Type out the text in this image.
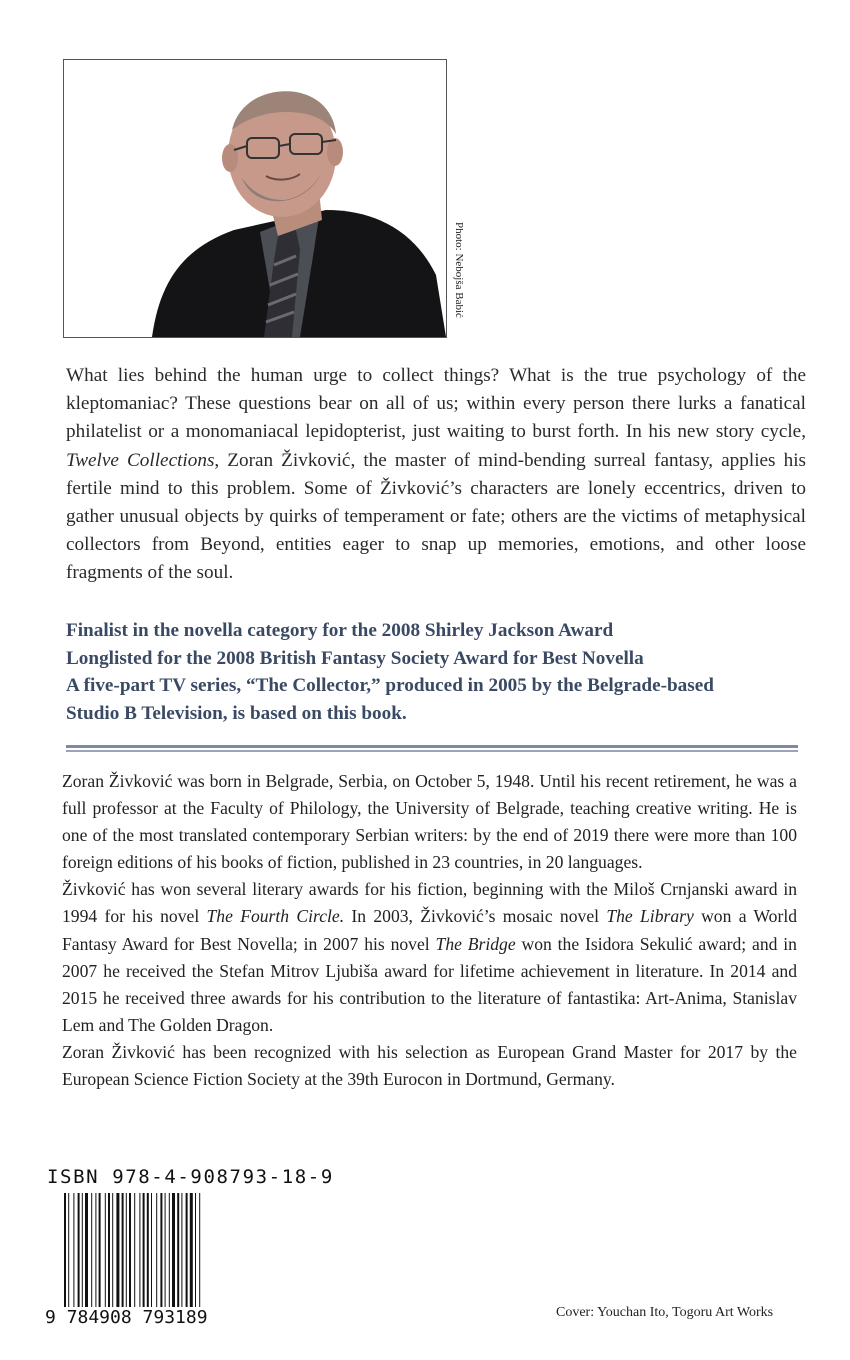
Photo: Nebojša Babić

What lies behind the human urge to collect things? What is the true psychology of the kleptomaniac? These questions bear on all of us; within every person there lurks a fanatical philatelist or a monomaniacal lepidopterist, just waiting to burst forth. In his new story cycle, Twelve Collections, Zoran Živković, the master of mind-bending surreal fantasy, applies his fertile mind to this problem. Some of Živković’s characters are lonely eccentrics, driven to gather unusual objects by quirks of temperament or fate; others are the victims of metaphysical collectors from Beyond, entities eager to snap up memories, emotions, and other loose fragments of the soul.

Finalist in the novella category for the 2008 Shirley Jackson Award
Longlisted for the 2008 British Fantasy Society Award for Best Novella
A five-part TV series, “The Collector,” produced in 2005 by the Belgrade-based
Studio B Television, is based on this book.

Zoran Živković was born in Belgrade, Serbia, on October 5, 1948. Until his recent retirement, he was a full professor at the Faculty of Philology, the University of Belgrade, teaching creative writing. He is one of the most translated contemporary Serbian writers: by the end of 2019 there were more than 100 foreign editions of his books of fiction, published in 23 countries, in 20 languages.

Živković has won several literary awards for his fiction, beginning with the Miloš Crnjanski award in 1994 for his novel The Fourth Circle. In 2003, Živković’s mosaic novel The Library won a World Fantasy Award for Best Novella; in 2007 his novel The Bridge won the Isidora Sekulić award; and in 2007 he received the Stefan Mitrov Ljubiša award for lifetime achievement in literature. In 2014 and 2015 he received three awards for his contribution to the literature of fantastika: Art-Anima, Stanislav Lem and The Golden Dragon.

Zoran Živković has been recognized with his selection as European Grand Master for 2017 by the European Science Fiction Society at the 39th Eurocon in Dortmund, Germany.

ISBN 978-4-908793-18-9
9 784908 793189	Cover: Youchan Ito, Togoru Art Works
